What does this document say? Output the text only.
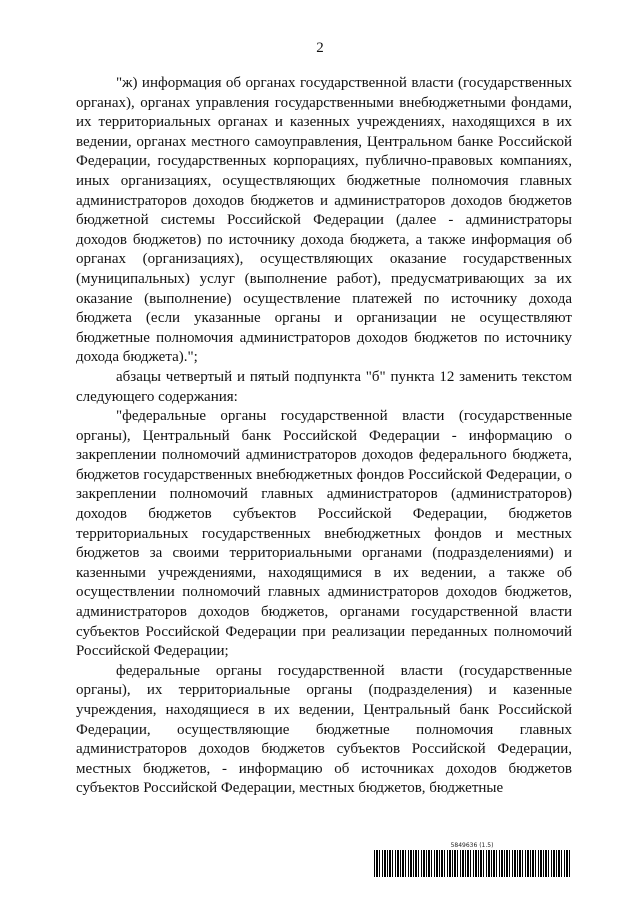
2

"ж) информация об органах государственной власти (государственных органах), органах управления государственными внебюджетными фондами, их территориальных органах и казенных учреждениях, находящихся в их ведении, органах местного самоуправления, Центральном банке Российской Федерации, государственных корпорациях, публично-правовых компаниях, иных организациях, осуществляющих бюджетные полномочия главных администраторов доходов бюджетов и администраторов доходов бюджетов бюджетной системы Российской Федерации (далее - администраторы доходов бюджетов) по источнику дохода бюджета, а также информация об органах (организациях), осуществляющих оказание государственных (муниципальных) услуг (выполнение работ), предусматривающих за их оказание (выполнение) осуществление платежей по источнику дохода бюджета (если указанные органы и организации не осуществляют бюджетные полномочия администраторов доходов бюджетов по источнику дохода бюджета).";

абзацы четвертый и пятый подпункта "б" пункта 12 заменить текстом следующего содержания:

"федеральные органы государственной власти (государственные органы), Центральный банк Российской Федерации - информацию о закреплении полномочий администраторов доходов федерального бюджета, бюджетов государственных внебюджетных фондов Российской Федерации, о закреплении полномочий главных администраторов (администраторов) доходов бюджетов субъектов Российской Федерации, бюджетов территориальных государственных внебюджетных фондов и местных бюджетов за своими территориальными органами (подразделениями) и казенными учреждениями, находящимися в их ведении, а также об осуществлении полномочий главных администраторов доходов бюджетов, администраторов доходов бюджетов, органами государственной власти субъектов Российской Федерации при реализации переданных полномочий Российской Федерации;

федеральные органы государственной власти (государственные органы), их территориальные органы (подразделения) и казенные учреждения, находящиеся в их ведении, Центральный банк Российской Федерации, осуществляющие бюджетные полномочия главных администраторов доходов бюджетов субъектов Российской Федерации, местных бюджетов, - информацию об источниках доходов бюджетов субъектов Российской Федерации, местных бюджетов, бюджетные

5849636 (1.5)
